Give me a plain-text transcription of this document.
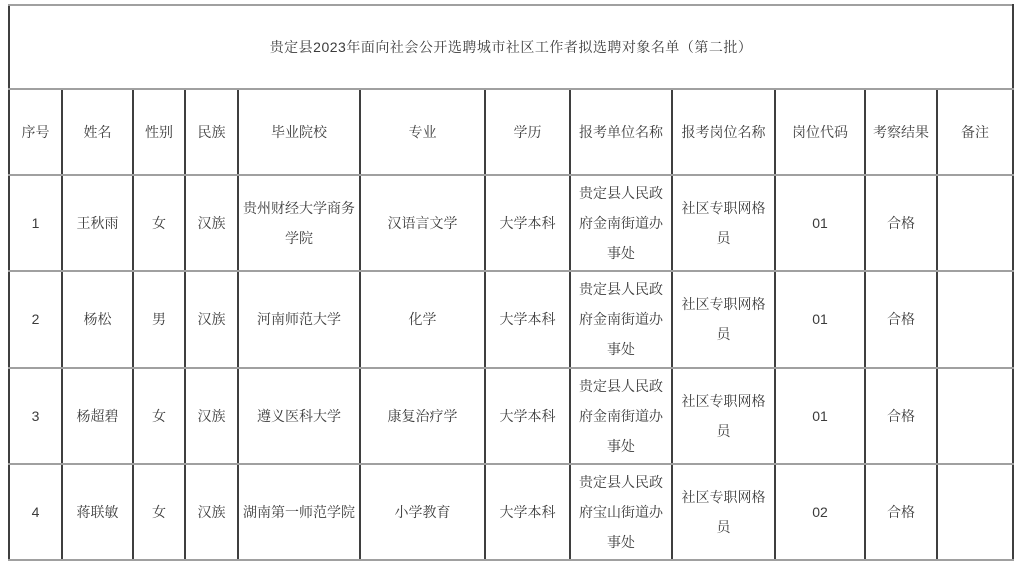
贵定县2023年面向社会公开选聘城市社区工作者拟选聘对象名单（第二批）											
序号	姓名	性别	民族	毕业院校	专业	学历	报考单位名称	报考岗位名称	岗位代码	考察结果	备注
1	王秋雨	女	汉族	贵州财经大学商务学院	汉语言文学	大学本科	贵定县人民政府金南街道办事处	社区专职网格员	01	合格	
2	杨松	男	汉族	河南师范大学	化学	大学本科	贵定县人民政府金南街道办事处	社区专职网格员	01	合格	
3	杨超碧	女	汉族	遵义医科大学	康复治疗学	大学本科	贵定县人民政府金南街道办事处	社区专职网格员	01	合格	
4	蒋联敏	女	汉族	湖南第一师范学院	小学教育	大学本科	贵定县人民政府宝山街道办事处	社区专职网格员	02	合格	
